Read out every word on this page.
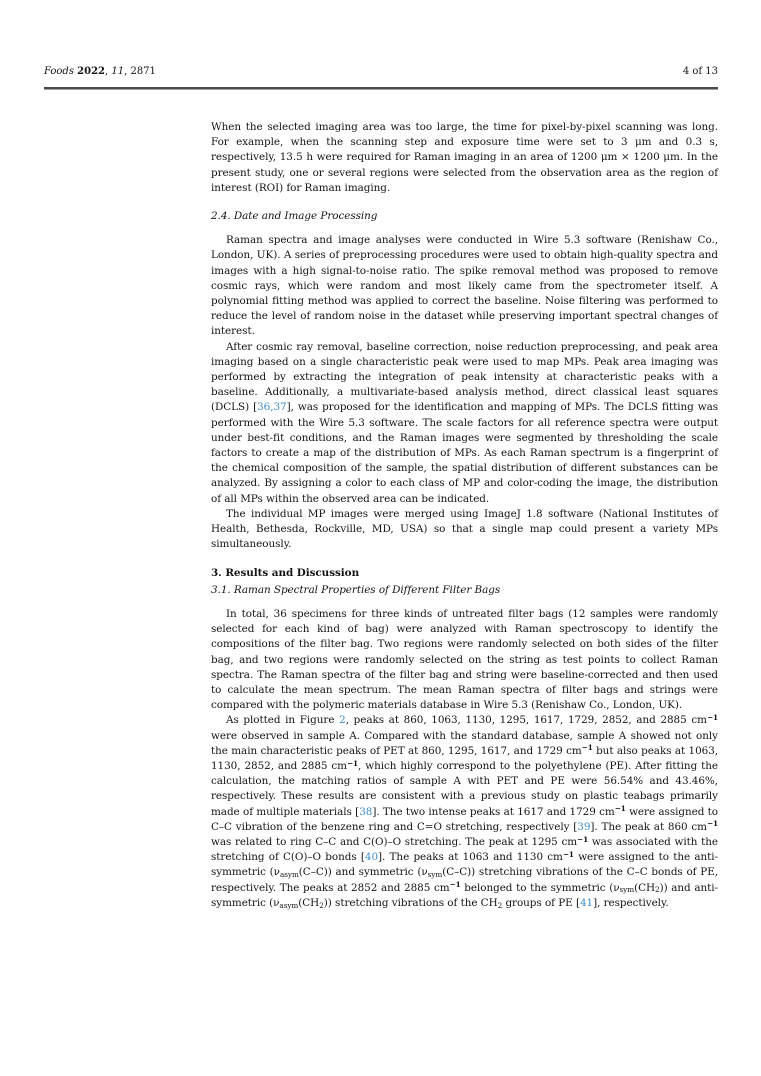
Foods 2022, 11, 2871	4 of 13

When the selected imaging area was too large, the time for pixel-by-pixel scanning was long. For example, when the scanning step and exposure time were set to 3 μm and 0.3 s, respectively, 13.5 h were required for Raman imaging in an area of 1200 μm × 1200 μm. In the present study, one or several regions were selected from the observation area as the region of interest (ROI) for Raman imaging.

2.4. Date and Image Processing

Raman spectra and image analyses were conducted in Wire 5.3 software (Renishaw Co., London, UK). A series of preprocessing procedures were used to obtain high-quality spectra and images with a high signal-to-noise ratio. The spike removal method was proposed to remove cosmic rays, which were random and most likely came from the spectrometer itself. A polynomial fitting method was applied to correct the baseline. Noise filtering was performed to reduce the level of random noise in the dataset while preserving important spectral changes of interest.

After cosmic ray removal, baseline correction, noise reduction preprocessing, and peak area imaging based on a single characteristic peak were used to map MPs. Peak area imaging was performed by extracting the integration of peak intensity at characteristic peaks with a baseline. Additionally, a multivariate-based analysis method, direct classical least squares (DCLS) [36,37], was proposed for the identification and mapping of MPs. The DCLS fitting was performed with the Wire 5.3 software. The scale factors for all reference spectra were output under best-fit conditions, and the Raman images were segmented by thresholding the scale factors to create a map of the distribution of MPs. As each Raman spectrum is a fingerprint of the chemical composition of the sample, the spatial distribution of different substances can be analyzed. By assigning a color to each class of MP and color-coding the image, the distribution of all MPs within the observed area can be indicated.

The individual MP images were merged using ImageJ 1.8 software (National Institutes of Health, Bethesda, Rockville, MD, USA) so that a single map could present a variety MPs simultaneously.

3. Results and Discussion
3.1. Raman Spectral Properties of Different Filter Bags

In total, 36 specimens for three kinds of untreated filter bags (12 samples were randomly selected for each kind of bag) were analyzed with Raman spectroscopy to identify the compositions of the filter bag. Two regions were randomly selected on both sides of the filter bag, and two regions were randomly selected on the string as test points to collect Raman spectra. The Raman spectra of the filter bag and string were baseline-corrected and then used to calculate the mean spectrum. The mean Raman spectra of filter bags and strings were compared with the polymeric materials database in Wire 5.3 (Renishaw Co., London, UK).

As plotted in Figure 2, peaks at 860, 1063, 1130, 1295, 1617, 1729, 2852, and 2885 $cm^{-1}$ were observed in sample A. Compared with the standard database, sample A showed not only the main characteristic peaks of PET at 860, 1295, 1617, and 1729 $cm^{-1}$ but also peaks at 1063, 1130, 2852, and 2885 $cm^{-1}$, which highly correspond to the polyethylene (PE). After fitting the calculation, the matching ratios of sample A with PET and PE were 56.54% and 43.46%, respectively. These results are consistent with a previous study on plastic teabags primarily made of multiple materials [38]. The two intense peaks at 1617 and 1729 $cm^{-1}$ were assigned to C–C vibration of the benzene ring and C=O stretching, respectively [39]. The peak at 860 $cm^{-1}$ was related to ring C–C and C(O)–O stretching. The peak at 1295 $cm^{-1}$ was associated with the stretching of C(O)–O bonds [40]. The peaks at 1063 and 1130 $cm^{-1}$ were assigned to the anti-symmetric $(\nu_{asym}(C-C))$ and symmetric $(\nu_{sym}(C-C))$ stretching vibrations of the C–C bonds of PE, respectively. The peaks at 2852 and 2885 $cm^{-1}$ belonged to the symmetric $(\nu_{sym}(CH_2))$ and anti-symmetric $(\nu_{asym}(CH_2))$ stretching vibrations of the $CH_2$ groups of PE [41], respectively.
